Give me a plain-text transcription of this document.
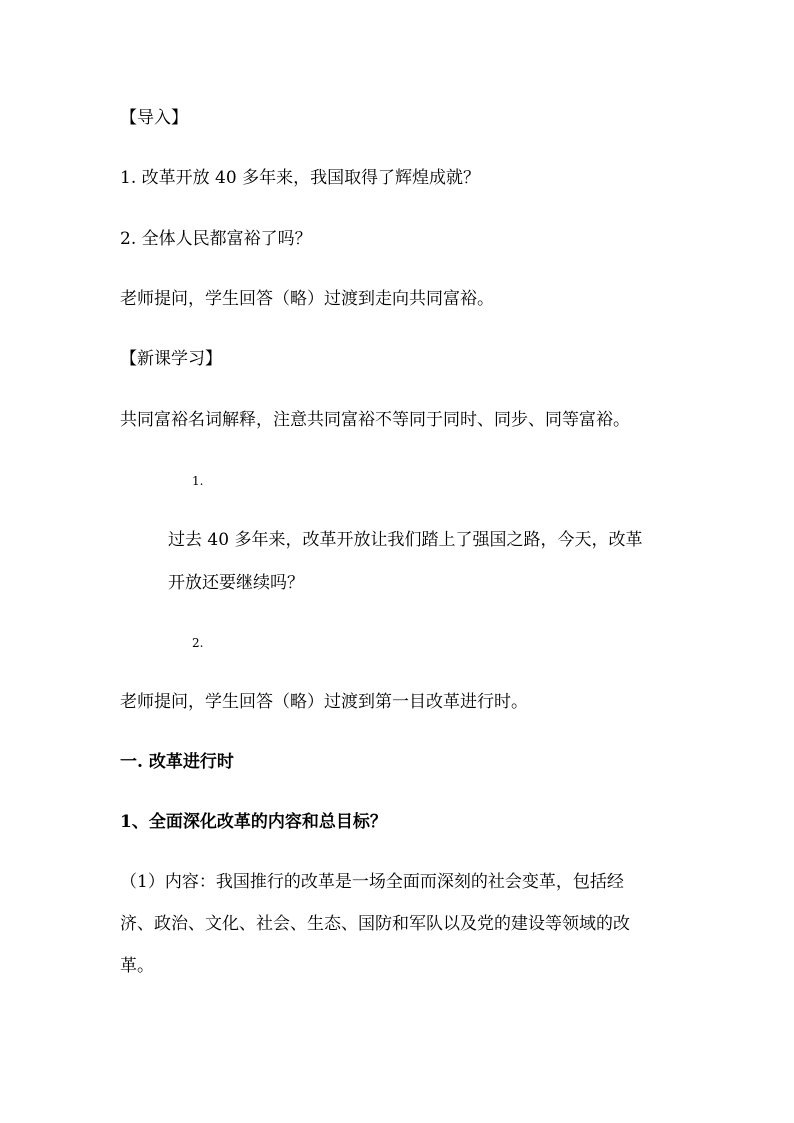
【导入】
1. 改革开放 40 多年来，我国取得了辉煌成就？
2. 全体人民都富裕了吗？
老师提问，学生回答（略）过渡到走向共同富裕。
【新课学习】
共同富裕名词解释，注意共同富裕不等同于同时、同步、同等富裕。
1.
过去 40 多年来，改革开放让我们踏上了强国之路，今天，改革
开放还要继续吗？
2.
老师提问，学生回答（略）过渡到第一目改革进行时。
一. 改革进行时
1、全面深化改革的内容和总目标？
（1）内容：我国推行的改革是一场全面而深刻的社会变革，包括经
济、政治、文化、社会、生态、国防和军队以及党的建设等领域的改
革。
